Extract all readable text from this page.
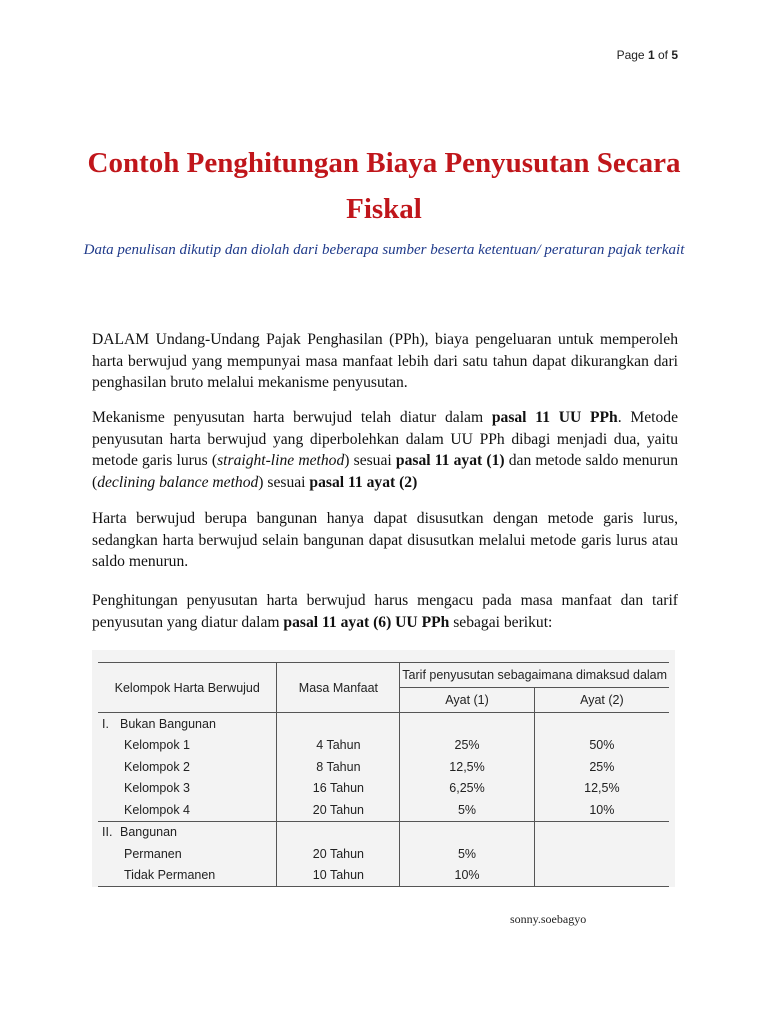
Page 1 of 5
Contoh Penghitungan Biaya Penyusutan Secara Fiskal
Data penulisan dikutip dan diolah dari beberapa sumber beserta ketentuan/ peraturan pajak terkait

DALAM Undang-Undang Pajak Penghasilan (PPh), biaya pengeluaran untuk memperoleh harta berwujud yang mempunyai masa manfaat lebih dari satu tahun dapat dikurangkan dari penghasilan bruto melalui mekanisme penyusutan.

Mekanisme penyusutan harta berwujud telah diatur dalam pasal 11 UU PPh. Metode penyusutan harta berwujud yang diperbolehkan dalam UU PPh dibagi menjadi dua, yaitu metode garis lurus (straight-line method) sesuai pasal 11 ayat (1) dan metode saldo menurun (declining balance method) sesuai pasal 11 ayat (2)

Harta berwujud berupa bangunan hanya dapat disusutkan dengan metode garis lurus, sedangkan harta berwujud selain bangunan dapat disusutkan melalui metode garis lurus atau saldo menurun.

Penghitungan penyusutan harta berwujud harus mengacu pada masa manfaat dan tarif penyusutan yang diatur dalam pasal 11 ayat (6) UU PPh sebagai berikut:

Kelompok Harta Berwujud	Masa Manfaat	Tarif penyusutan sebagaimana dimaksud dalam	
		Ayat (1)	Ayat (2)
I. Bukan Bangunan			
Kelompok 1	4 Tahun	25%	50%
Kelompok 2	8 Tahun	12,5%	25%
Kelompok 3	16 Tahun	6,25%	12,5%
Kelompok 4	20 Tahun	5%	10%
II. Bangunan			
Permanen	20 Tahun	5%	
Tidak Permanen	10 Tahun	10%	
sonny.soebagyo
